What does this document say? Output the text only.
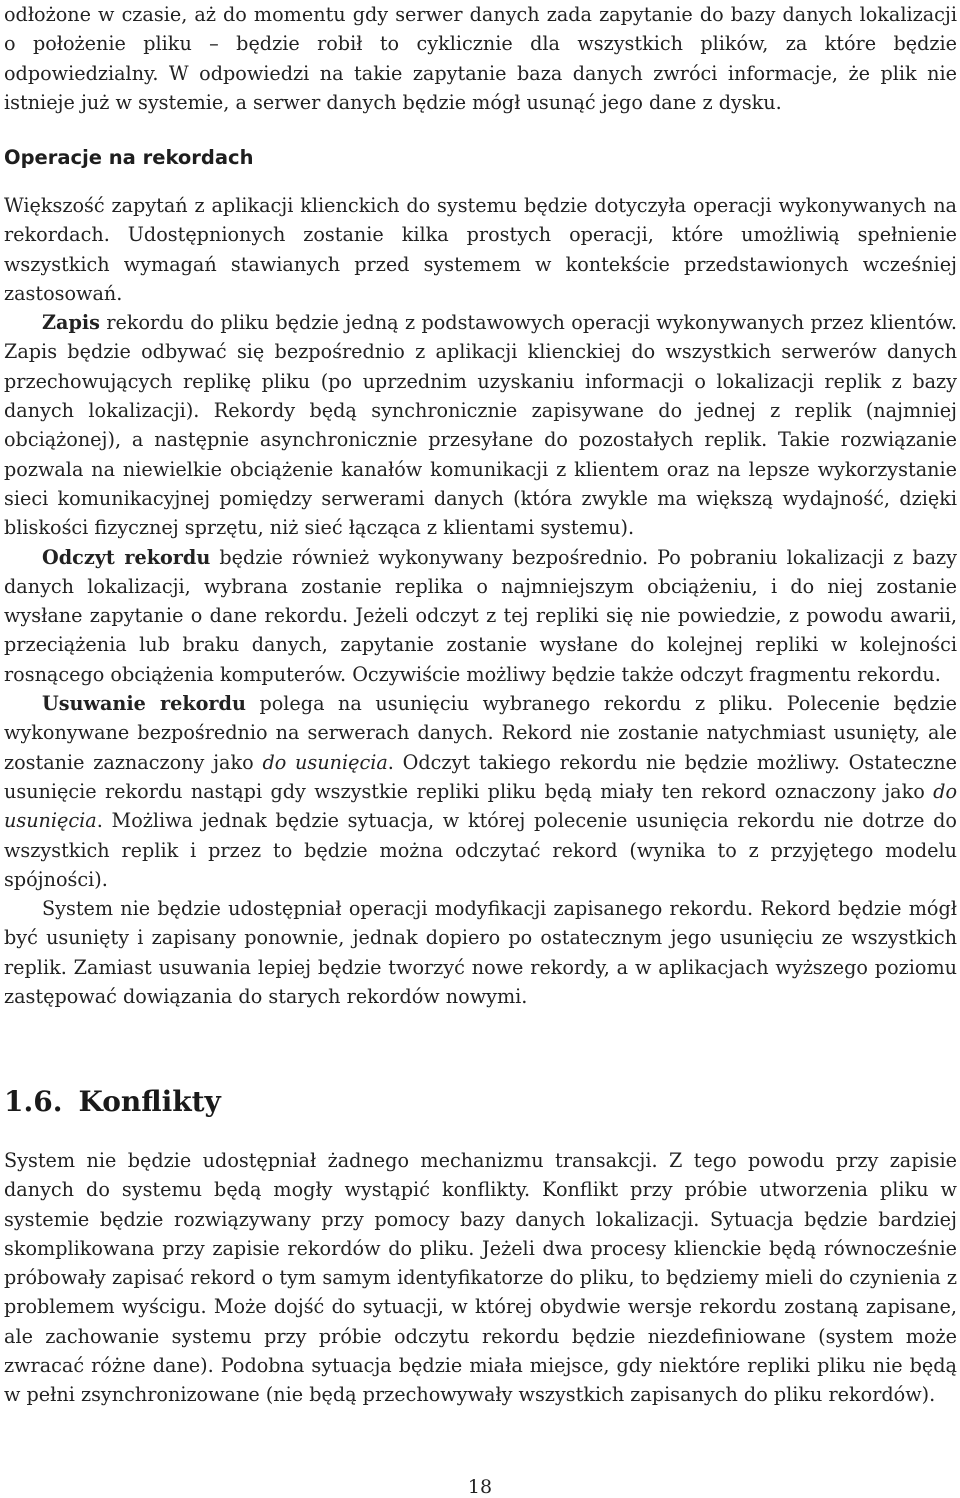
odłożone w czasie, aż do momentu gdy serwer danych zada zapytanie do bazy danych lokalizacji o położenie pliku – będzie robił to cyklicznie dla wszystkich plików, za które będzie odpowiedzialny. W odpowiedzi na takie zapytanie baza danych zwróci informacje, że plik nie istnieje już w systemie, a serwer danych będzie mógł usunąć jego dane z dysku.

Operacje na rekordach

Większość zapytań z aplikacji klienckich do systemu będzie dotyczyła operacji wykonywanych na rekordach. Udostępnionych zostanie kilka prostych operacji, które umożliwią spełnienie wszystkich wymagań stawianych przed systemem w kontekście przedstawionych wcześniej zastosowań.

Zapis rekordu do pliku będzie jedną z podstawowych operacji wykonywanych przez klientów. Zapis będzie odbywać się bezpośrednio z aplikacji klienckiej do wszystkich serwerów danych przechowujących replikę pliku (po uprzednim uzyskaniu informacji o lokalizacji replik z bazy danych lokalizacji). Rekordy będą synchronicznie zapisywane do jednej z replik (najmniej obciążonej), a następnie asynchronicznie przesyłane do pozostałych replik. Takie rozwiązanie pozwala na niewielkie obciążenie kanałów komunikacji z klientem oraz na lepsze wykorzystanie sieci komunikacyjnej pomiędzy serwerami danych (która zwykle ma większą wydajność, dzięki bliskości fizycznej sprzętu, niż sieć łącząca z klientami systemu).

Odczyt rekordu będzie również wykonywany bezpośrednio. Po pobraniu lokalizacji z bazy danych lokalizacji, wybrana zostanie replika o najmniejszym obciążeniu, i do niej zostanie wysłane zapytanie o dane rekordu. Jeżeli odczyt z tej repliki się nie powiedzie, z powodu awarii, przeciążenia lub braku danych, zapytanie zostanie wysłane do kolejnej repliki w kolejności rosnącego obciążenia komputerów. Oczywiście możliwy będzie także odczyt fragmentu rekordu.

Usuwanie rekordu polega na usunięciu wybranego rekordu z pliku. Polecenie będzie wykonywane bezpośrednio na serwerach danych. Rekord nie zostanie natychmiast usunięty, ale zostanie zaznaczony jako do usunięcia. Odczyt takiego rekordu nie będzie możliwy. Ostateczne usunięcie rekordu nastąpi gdy wszystkie repliki pliku będą miały ten rekord oznaczony jako do usunięcia. Możliwa jednak będzie sytuacja, w której polecenie usunięcia rekordu nie dotrze do wszystkich replik i przez to będzie można odczytać rekord (wynika to z przyjętego modelu spójności).

System nie będzie udostępniał operacji modyfikacji zapisanego rekordu. Rekord będzie mógł być usunięty i zapisany ponownie, jednak dopiero po ostatecznym jego usunięciu ze wszystkich replik. Zamiast usuwania lepiej będzie tworzyć nowe rekordy, a w aplikacjach wyższego poziomu zastępować dowiązania do starych rekordów nowymi.

1.6. Konflikty

System nie będzie udostępniał żadnego mechanizmu transakcji. Z tego powodu przy zapisie danych do systemu będą mogły wystąpić konflikty. Konflikt przy próbie utworzenia pliku w systemie będzie rozwiązywany przy pomocy bazy danych lokalizacji. Sytuacja będzie bardziej skomplikowana przy zapisie rekordów do pliku. Jeżeli dwa procesy klienckie będą równocześnie próbowały zapisać rekord o tym samym identyfikatorze do pliku, to będziemy mieli do czynienia z problemem wyścigu. Może dojść do sytuacji, w której obydwie wersje rekordu zostaną zapisane, ale zachowanie systemu przy próbie odczytu rekordu będzie niezdefiniowane (system może zwracać różne dane). Podobna sytuacja będzie miała miejsce, gdy niektóre repliki pliku nie będą w pełni zsynchronizowane (nie będą przechowywały wszystkich zapisanych do pliku rekordów).

18
